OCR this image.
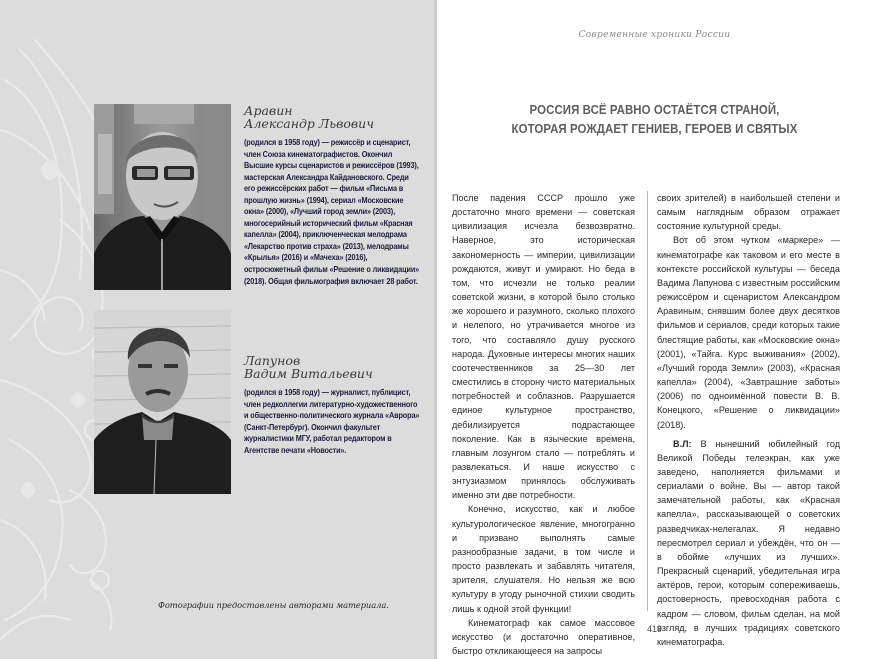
Аравин
Александр Львович
(родился в 1958 году) — режиссёр и сценарист, член Союза кинематографистов. Окончил Высшие курсы сценаристов и режиссёров (1993), мастерская Александра Кайдановского. Среди его режиссёрских работ — фильм «Письма в прошлую жизнь» (1994), сериал «Московские окна» (2000), «Лучший город земли» (2003), многосерийный исторический фильм «Красная капелла» (2004), приключенческая мелодрама «Лекарство против страха» (2013), мелодрамы «Крылья» (2016) и «Мачеха» (2016), остросюжетный фильм «Решение о ликвидации» (2018). Общая фильмография включает 28 работ.
Лапунов
Вадим Витальевич
(родился в 1958 году) — журналист, публицист, член редколлегии литературно-художественного и общественно-политического журнала «Аврора» (Санкт-Петербург). Окончил факультет журналистики МГУ, работал редактором в Агентстве печати «Новости».
Фотографии предоставлены авторами материала.
Современные хроники России
РОССИЯ ВСЁ РАВНО ОСТАЁТСЯ СТРАНОЙ,
КОТОРАЯ РОЖДАЕТ ГЕНИЕВ, ГЕРОЕВ И СВЯТЫХ

После падения СССР прошло уже достаточно много времени — советская цивилизация исчезла безвозвратно. Наверное, это историческая закономерность — империи, цивилизации рождаются, живут и умирают. Но беда в том, что исчезли не только реалии советской жизни, в которой было столько же хорошего и разумного, сколько плохого и нелепого, но утрачивается многое из того, что составляло душу русского народа. Духовные интересы многих наших соотечественников за 25—30 лет сместились в сторону чисто материальных потребностей и соблазнов. Разрушается единое культурное пространство, дебилизируется подрастающее поколение. Как в языческие времена, главным лозунгом стало — потреблять и развлекаться. И наше искусство с энтузиазмом принялось обслуживать именно эти две потребности.

Конечно, искусство, как и любое культурологическое явление, многогранно и призвано выполнять самые разнообразные задачи, в том числе и просто развлекать и забавлять читателя, зрителя, слушателя. Но нельзя же всю культуру в угоду рыночной стихии сводить лишь к одной этой функции!

Кинематограф как самое массовое искусство (и достаточно оперативное, быстро откликающееся на запросы

своих зрителей) в наибольшей степени и самым наглядным образом отражает состояние культурной среды.

Вот об этом чутком «маркере» — кинематографе как таковом и его месте в контексте российской культуры — беседа Вадима Лапунова с известным российским режиссёром и сценаристом Александром Аравиным, снявшим более двух десятков фильмов и сериалов, среди которых такие блестящие работы, как «Московские окна» (2001), «Тайга. Курс выживания» (2002), «Лучший города Земли» (2003), «Красная капелла» (2004), «Завтрашние заботы» (2006) по одноимённой повести В. В. Конецкого, «Решение о ликвидации» (2018).

В.Л: В нынешний юбилейный год Великой Победы телеэкран, как уже заведено, наполняется фильмами и сериалами о войне. Вы — автор такой замечательной работы, как «Красная капелла», рассказывающей о советских разведчиках-нелегалах. Я недавно пересмотрел сериал и убеждён, что он — в обойме «лучших из лучших». Прекрасный сценарий, убедительная игра актёров, герои, которым сопереживаешь, достоверность, превосходная работа с кадром — словом, фильм сделан, на мой взгляд, в лучших традициях советского кинематографа.

419
